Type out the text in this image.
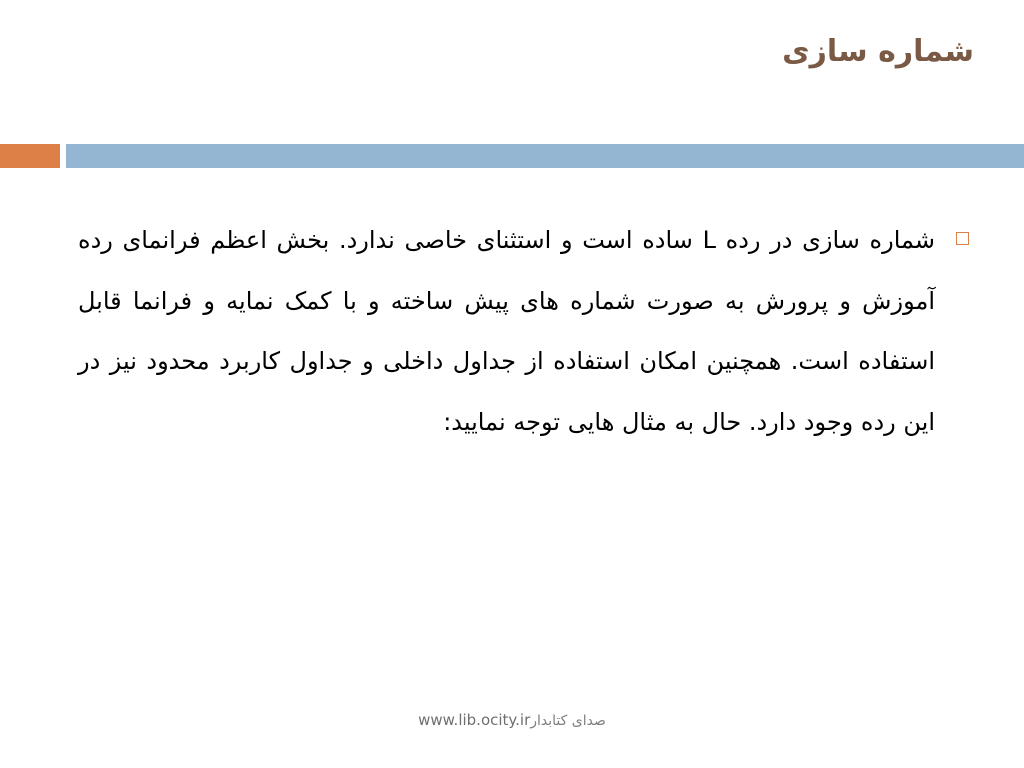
شماره سازی
شماره سازی در رده L ساده است و استثنای خاصی ندارد. بخش اعظم فرانمای رده آموزش و پرورش به صورت شماره های پیش ساخته و با کمک نمایه و فرانما قابل استفاده است. همچنین امکان استفاده از جداول داخلی و جداول کاربرد محدود نیز در این رده وجود دارد. حال به مثال هایی توجه نمایید:
www.lib.ocity.irصدای کتابدار
